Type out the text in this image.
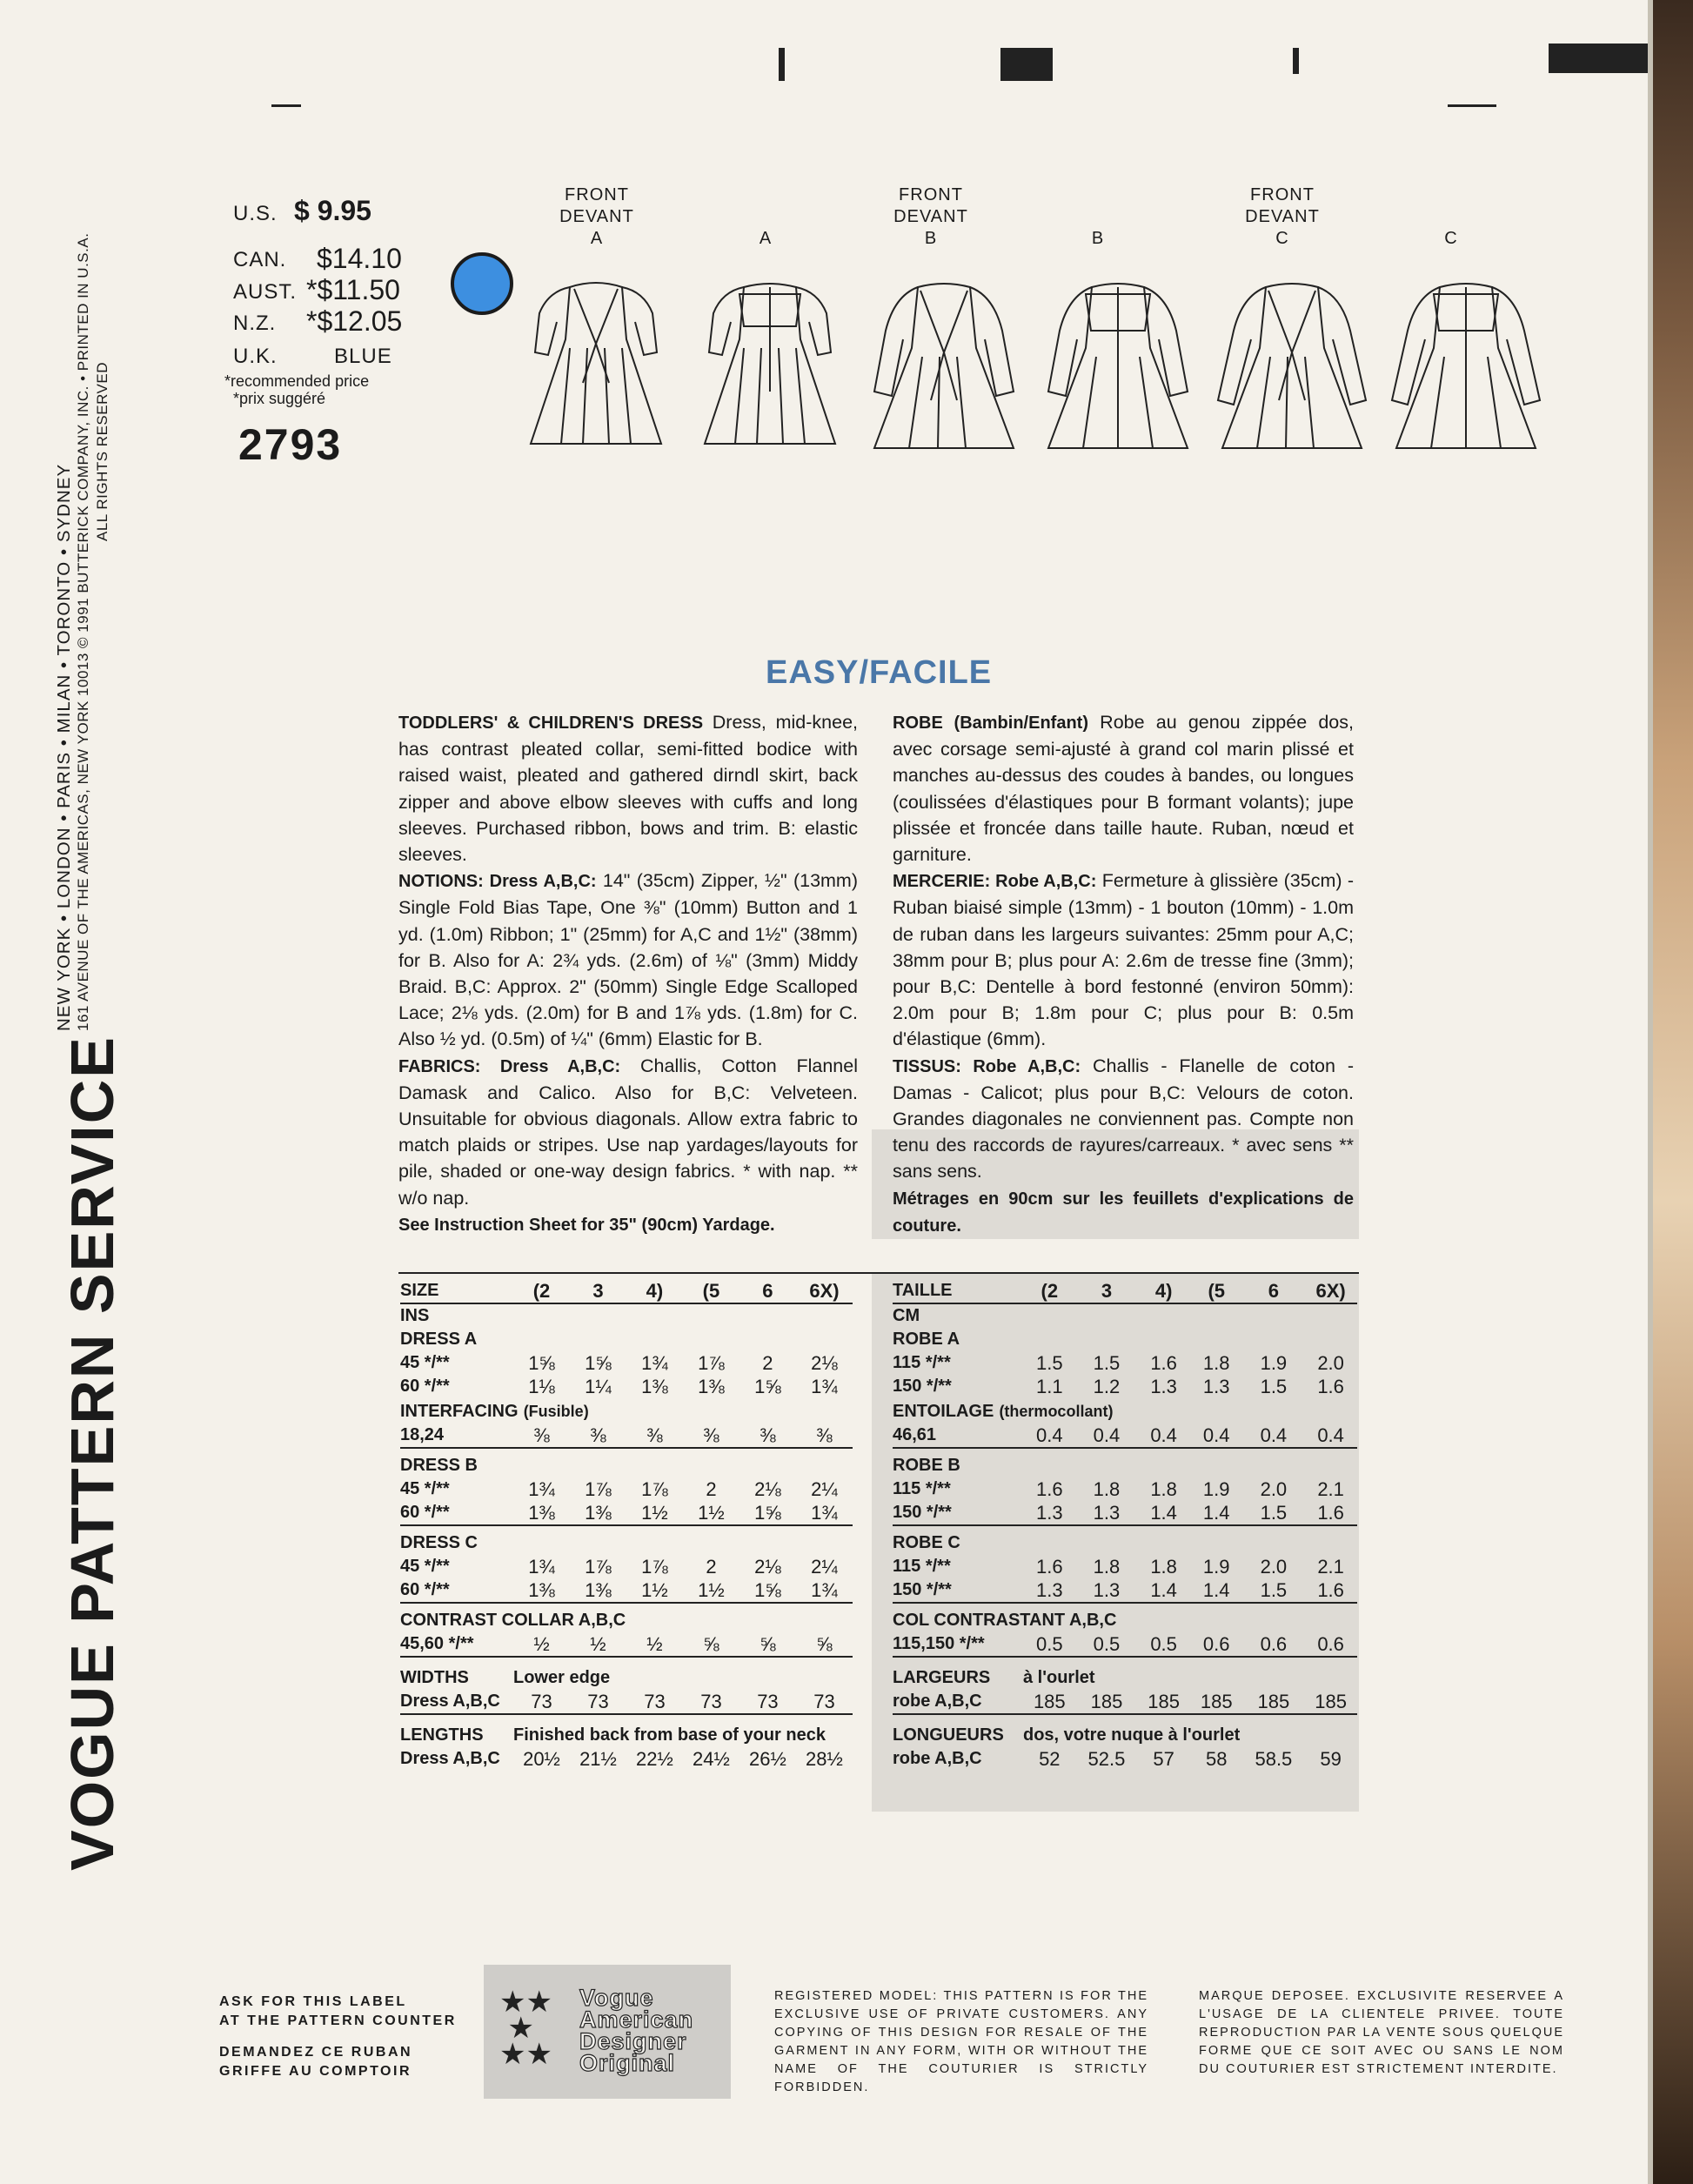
VOGUE PATTERN SERVICE
NEW YORK • LONDON • PARIS • MILAN • TORONTO • SYDNEY 161 AVENUE OF THE AMERICAS, NEW YORK 10013 © 1991 BUTTERICK COMPANY, INC. • PRINTED IN U.S.A. ALL RIGHTS RESERVED
U.S. $ 9.95
CAN. $14.10
AUST. *$11.50
N.Z. *$12.05
U.K.	BLUE
*recommended price
*prix suggéré
2793
FRONT
DEVANT
A

	A
FRONT
DEVANT
B

	B
FRONT
DEVANT
C

	C
EASY/FACILE
TODDLERS' & CHILDREN'S DRESS Dress, mid-knee, has contrast pleated collar, semi-fitted bodice with raised waist, pleated and gathered dirndl skirt, back zipper and above elbow sleeves with cuffs and long sleeves. Purchased ribbon, bows and trim. B: elastic sleeves.
NOTIONS: Dress A,B,C: 14" (35cm) Zipper, ½" (13mm) Single Fold Bias Tape, One ⅜" (10mm) Button and 1 yd. (1.0m) Ribbon; 1" (25mm) for A,C and 1½" (38mm) for B. Also for A: 2¾ yds. (2.6m) of ⅛" (3mm) Middy Braid. B,C: Approx. 2" (50mm) Single Edge Scalloped Lace; 2⅛ yds. (2.0m) for B and 1⅞ yds. (1.8m) for C. Also ½ yd. (0.5m) of ¼" (6mm) Elastic for B.
FABRICS: Dress A,B,C: Challis, Cotton Flannel Damask and Calico. Also for B,C: Velveteen. Unsuitable for obvious diagonals. Allow extra fabric to match plaids or stripes. Use nap yardages/layouts for pile, shaded or one-way design fabrics. * with nap. ** w/o nap.
See Instruction Sheet for 35" (90cm) Yardage.
ROBE (Bambin/Enfant) Robe au genou zippée dos, avec corsage semi-ajusté à grand col marin plissé et manches au-dessus des coudes à bandes, ou longues (coulissées d'élastiques pour B formant volants); jupe plissée et froncée dans taille haute. Ruban, nœud et garniture.
MERCERIE: Robe A,B,C: Fermeture à glissière (35cm) - Ruban biaisé simple (13mm) - 1 bouton (10mm) - 1.0m de ruban dans les largeurs suivantes: 25mm pour A,C; 38mm pour B; plus pour A: 2.6m de tresse fine (3mm); pour B,C: Dentelle à bord festonné (environ 50mm): 2.0m pour B; 1.8m pour C; plus pour B: 0.5m d'élastique (6mm).
TISSUS: Robe A,B,C: Challis - Flanelle de coton - Damas - Calicot; plus pour B,C: Velours de coton. Grandes diagonales ne conviennent pas. Compte non tenu des raccords de rayures/carreaux. * avec sens ** sans sens.
Métrages en 90cm sur les feuillets d'explications de couture.
SIZE	(2	3	4)	(5	6	6X)
INS						
DRESS A						
45 */**	1⅝	1⅝	1¾	1⅞	2	2⅛
60 */**	1⅛	1¼	1⅜	1⅜	1⅝	1¾
INTERFACING (Fusible)						
18,24	⅜	⅜	⅜	⅜	⅜	⅜
DRESS B						
45 */**	1¾	1⅞	1⅞	2	2⅛	2¼
60 */**	1⅜	1⅜	1½	1½	1⅝	1¾
DRESS C						
45 */**	1¾	1⅞	1⅞	2	2⅛	2¼
60 */**	1⅜	1⅜	1½	1½	1⅝	1¾
CONTRAST COLLAR A,B,C						
45,60 */**	½	½	½	⅝	⅝	⅝
WIDTHS	Lower edge					
Dress A,B,C	73	73	73	73	73	73
LENGTHS	Finished back from base of your neck					
Dress A,B,C	20½	21½	22½	24½	26½	28½
TAILLE	(2	3	4)	(5	6	6X)
CM						
ROBE A						
115 */**	1.5	1.5	1.6	1.8	1.9	2.0
150 */**	1.1	1.2	1.3	1.3	1.5	1.6
ENTOILAGE (thermocollant)						
46,61	0.4	0.4	0.4	0.4	0.4	0.4
ROBE B						
115 */**	1.6	1.8	1.8	1.9	2.0	2.1
150 */**	1.3	1.3	1.4	1.4	1.5	1.6
ROBE C						
115 */**	1.6	1.8	1.8	1.9	2.0	2.1
150 */**	1.3	1.3	1.4	1.4	1.5	1.6
COL CONTRASTANT A,B,C						
115,150 */**	0.5	0.5	0.5	0.6	0.6	0.6
LARGEURS	à l'ourlet					
robe A,B,C	185	185	185	185	185	185
LONGUEURS	dos, votre nuque à l'ourlet					
robe A,B,C	52	52.5	57	58	58.5	59
ASK FOR THIS LABEL
AT THE PATTERN COUNTER
DEMANDEZ CE RUBAN
GRIFFE AU COMPTOIR
★★
★
★★
Vogue
American
Designer
Original
REGISTERED MODEL: THIS PATTERN IS FOR THE EXCLUSIVE USE OF PRIVATE CUSTOMERS. ANY COPYING OF THIS DESIGN FOR RESALE OF THE GARMENT IN ANY FORM, WITH OR WITHOUT THE NAME OF THE COUTURIER IS STRICTLY FORBIDDEN.
MARQUE DEPOSEE. EXCLUSIVITE RESERVEE A L'USAGE DE LA CLIENTELE PRIVEE. TOUTE REPRODUCTION PAR LA VENTE SOUS QUELQUE FORME QUE CE SOIT AVEC OU SANS LE NOM DU COUTURIER EST STRICTEMENT INTERDITE.
